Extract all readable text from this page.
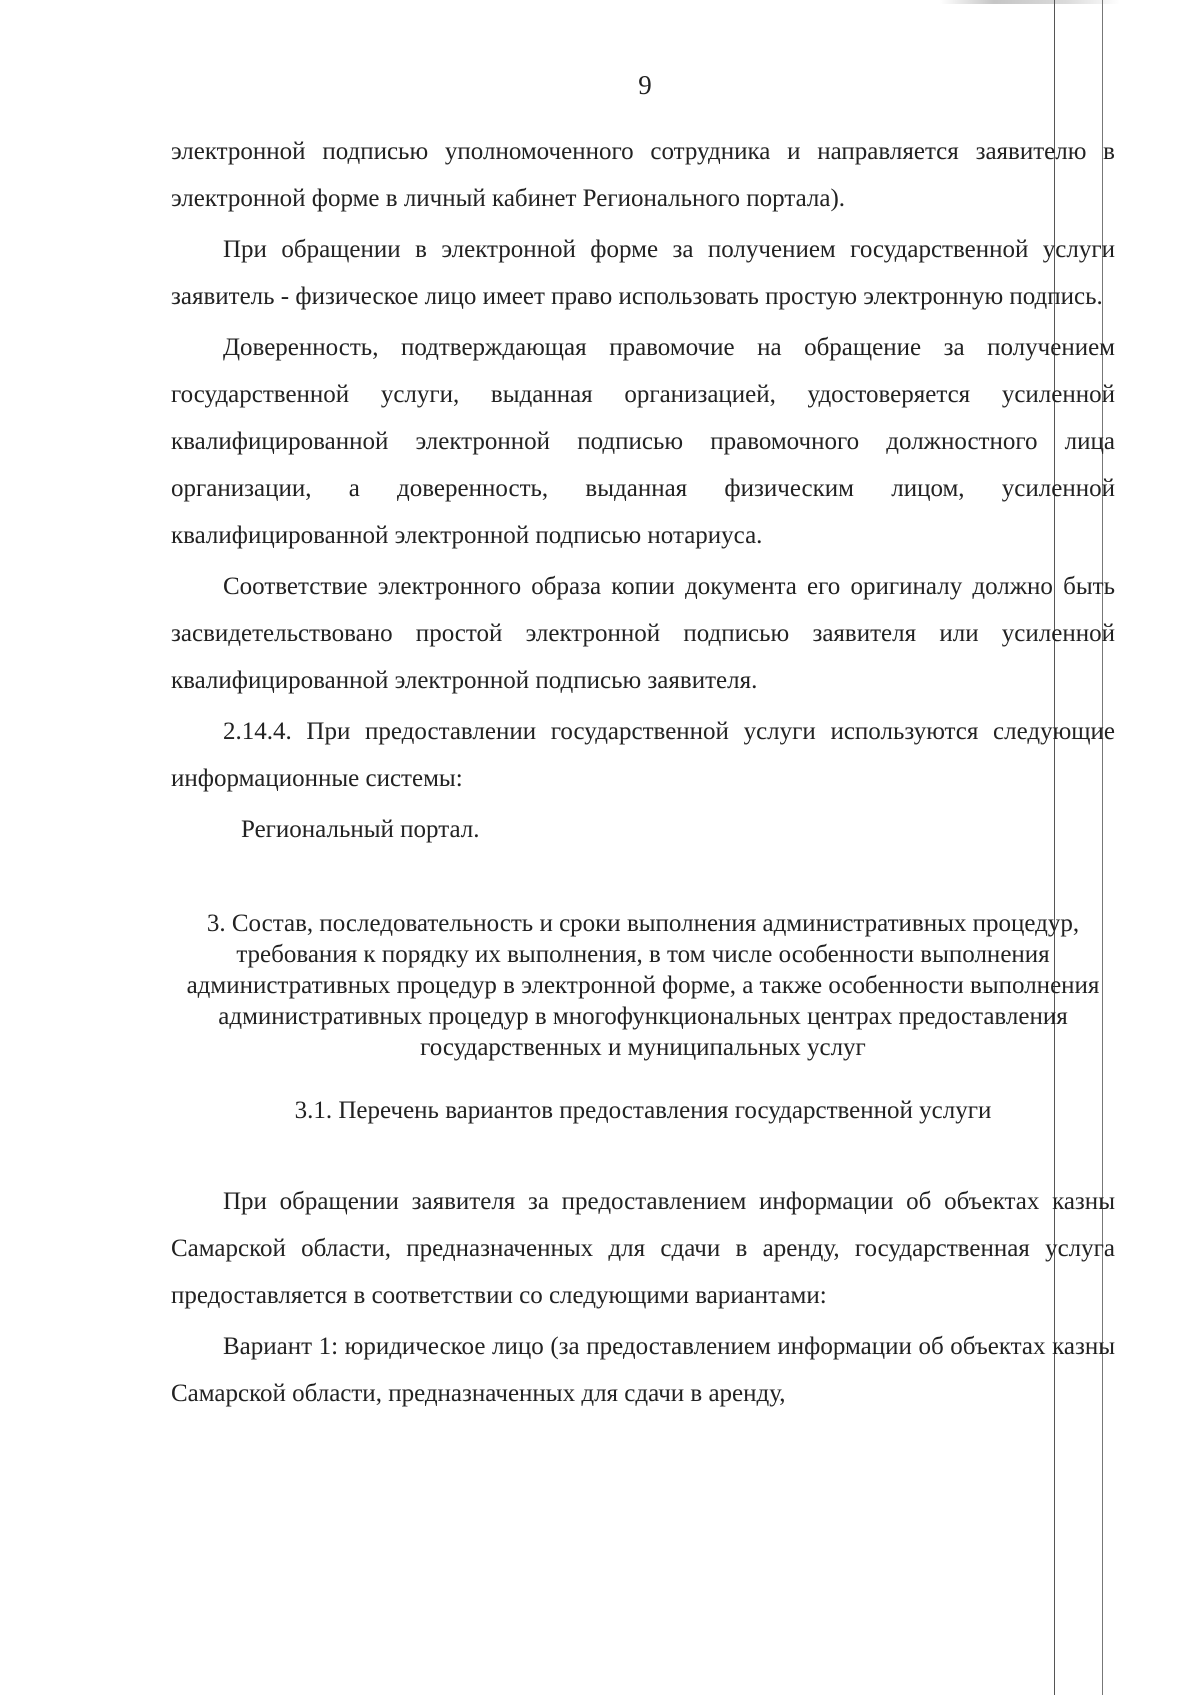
9

электронной подписью уполномоченного сотрудника и направляется заявителю в электронной форме в личный кабинет Регионального портала).

При обращении в электронной форме за получением государственной услуги заявитель - физическое лицо имеет право использовать простую электронную подпись.

Доверенность, подтверждающая правомочие на обращение за получением государственной услуги, выданная организацией, удостоверяется усиленной квалифицированной электронной подписью правомочного должностного лица организации, а доверенность, выданная физическим лицом, усиленной квалифицированной электронной подписью нотариуса.

Соответствие электронного образа копии документа его оригиналу должно быть засвидетельствовано простой электронной подписью заявителя или усиленной квалифицированной электронной подписью заявителя.

2.14.4. При предоставлении государственной услуги используются следующие информационные системы:

Региональный портал.

3. Состав, последовательность и сроки выполнения административных процедур, требования к порядку их выполнения, в том числе особенности выполнения административных процедур в электронной форме, а также особенности выполнения административных процедур в многофункциональных центрах предоставления государственных и муниципальных услуг

3.1. Перечень вариантов предоставления государственной услуги

При обращении заявителя за предоставлением информации об объектах казны Самарской области, предназначенных для сдачи в аренду, государственная услуга предоставляется в соответствии со следующими вариантами:

Вариант 1: юридическое лицо (за предоставлением информации об объектах казны Самарской области, предназначенных для сдачи в аренду,
